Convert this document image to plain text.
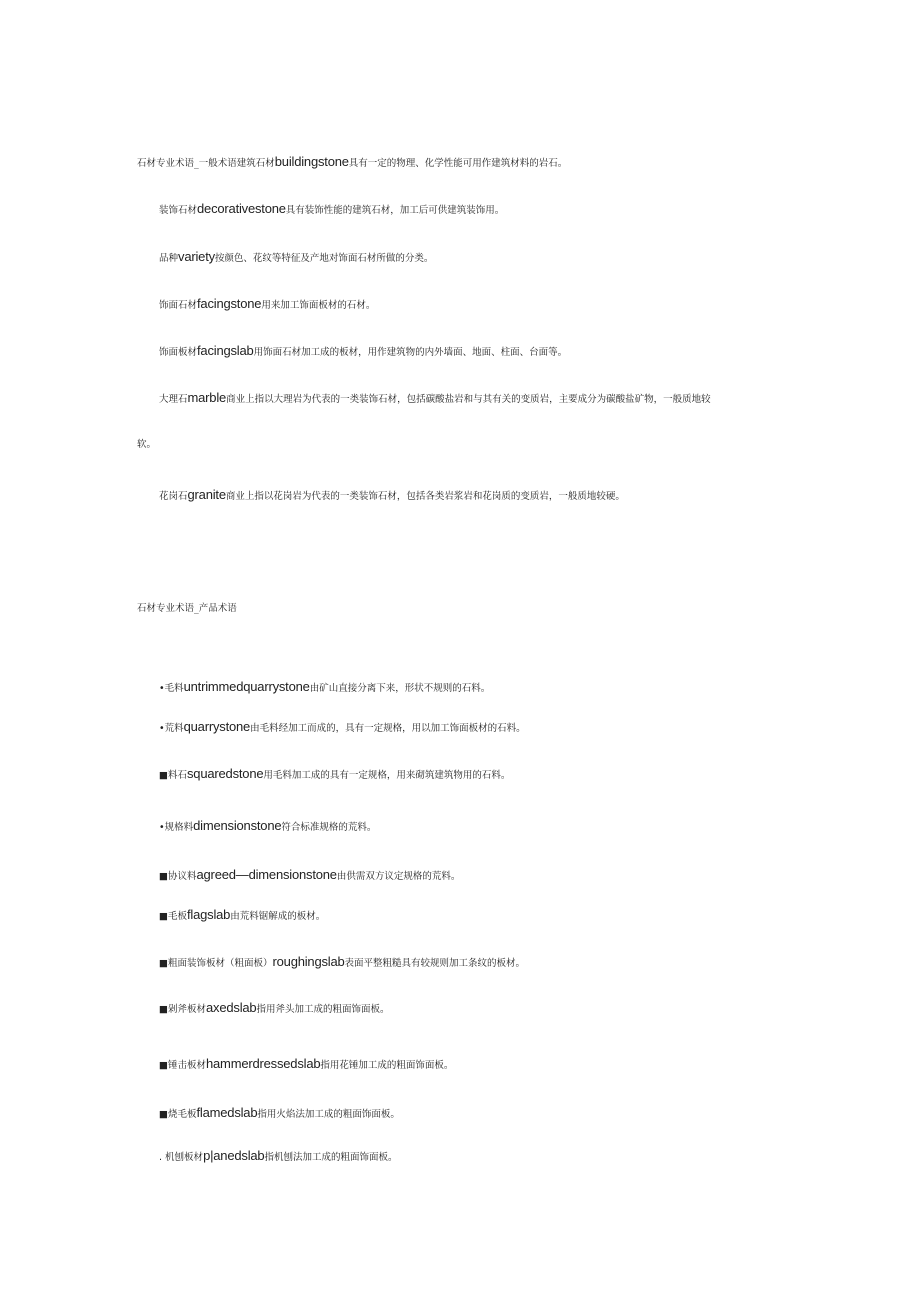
石材专业术语_一般术语建筑石材buildingstone具有一定的物理、化学性能可用作建筑材料的岩石。
装饰石材decorativestone具有装饰性能的建筑石材，加工后可供建筑装饰用。
品种variety按颜色、花纹等特征及产地对饰面石材所做的分类。
饰面石材facingstone用来加工饰面板材的石材。
饰面板材facingslab用饰面石材加工成的板材，用作建筑物的内外墙面、地面、柱面、台面等。
大理石marble商业上指以大理岩为代表的一类装饰石材，包括碳酸盐岩和与其有关的变质岩，主要成分为碳酸盐矿物，一般质地较
软。
花岗石granite商业上指以花岗岩为代表的一类装饰石材，包括各类岩浆岩和花岗质的变质岩，一般质地较硬。
石材专业术语_产品术语
•毛料untrimmedquarrystone由矿山直接分离下来，形状不规则的石料。
•荒料quarrystone由毛料经加工而成的，具有一定规格，用以加工饰面板材的石料。
■料石squaredstone用毛料加工成的具有一定规格，用来砌筑建筑物用的石料。
•规格料dimensionstone符合标准规格的荒料。
■协议料agreed—dimensionstone由供需双方议定规格的荒料。
■毛板flagslab由荒料锯解成的板材。
■粗面装饰板材（粗面板）roughingslab表面平整粗糙具有较规则加工条纹的板材。
■剁斧板材axedslab指用斧头加工成的粗面饰面板。
■锤击板材hammerdressedslab指用花锤加工成的粗面饰面板。
■烧毛板flamedslab指用火焰法加工成的粗面饰面板。
. 机刨板材p|anedslab指机刨法加工成的粗面饰面板。
